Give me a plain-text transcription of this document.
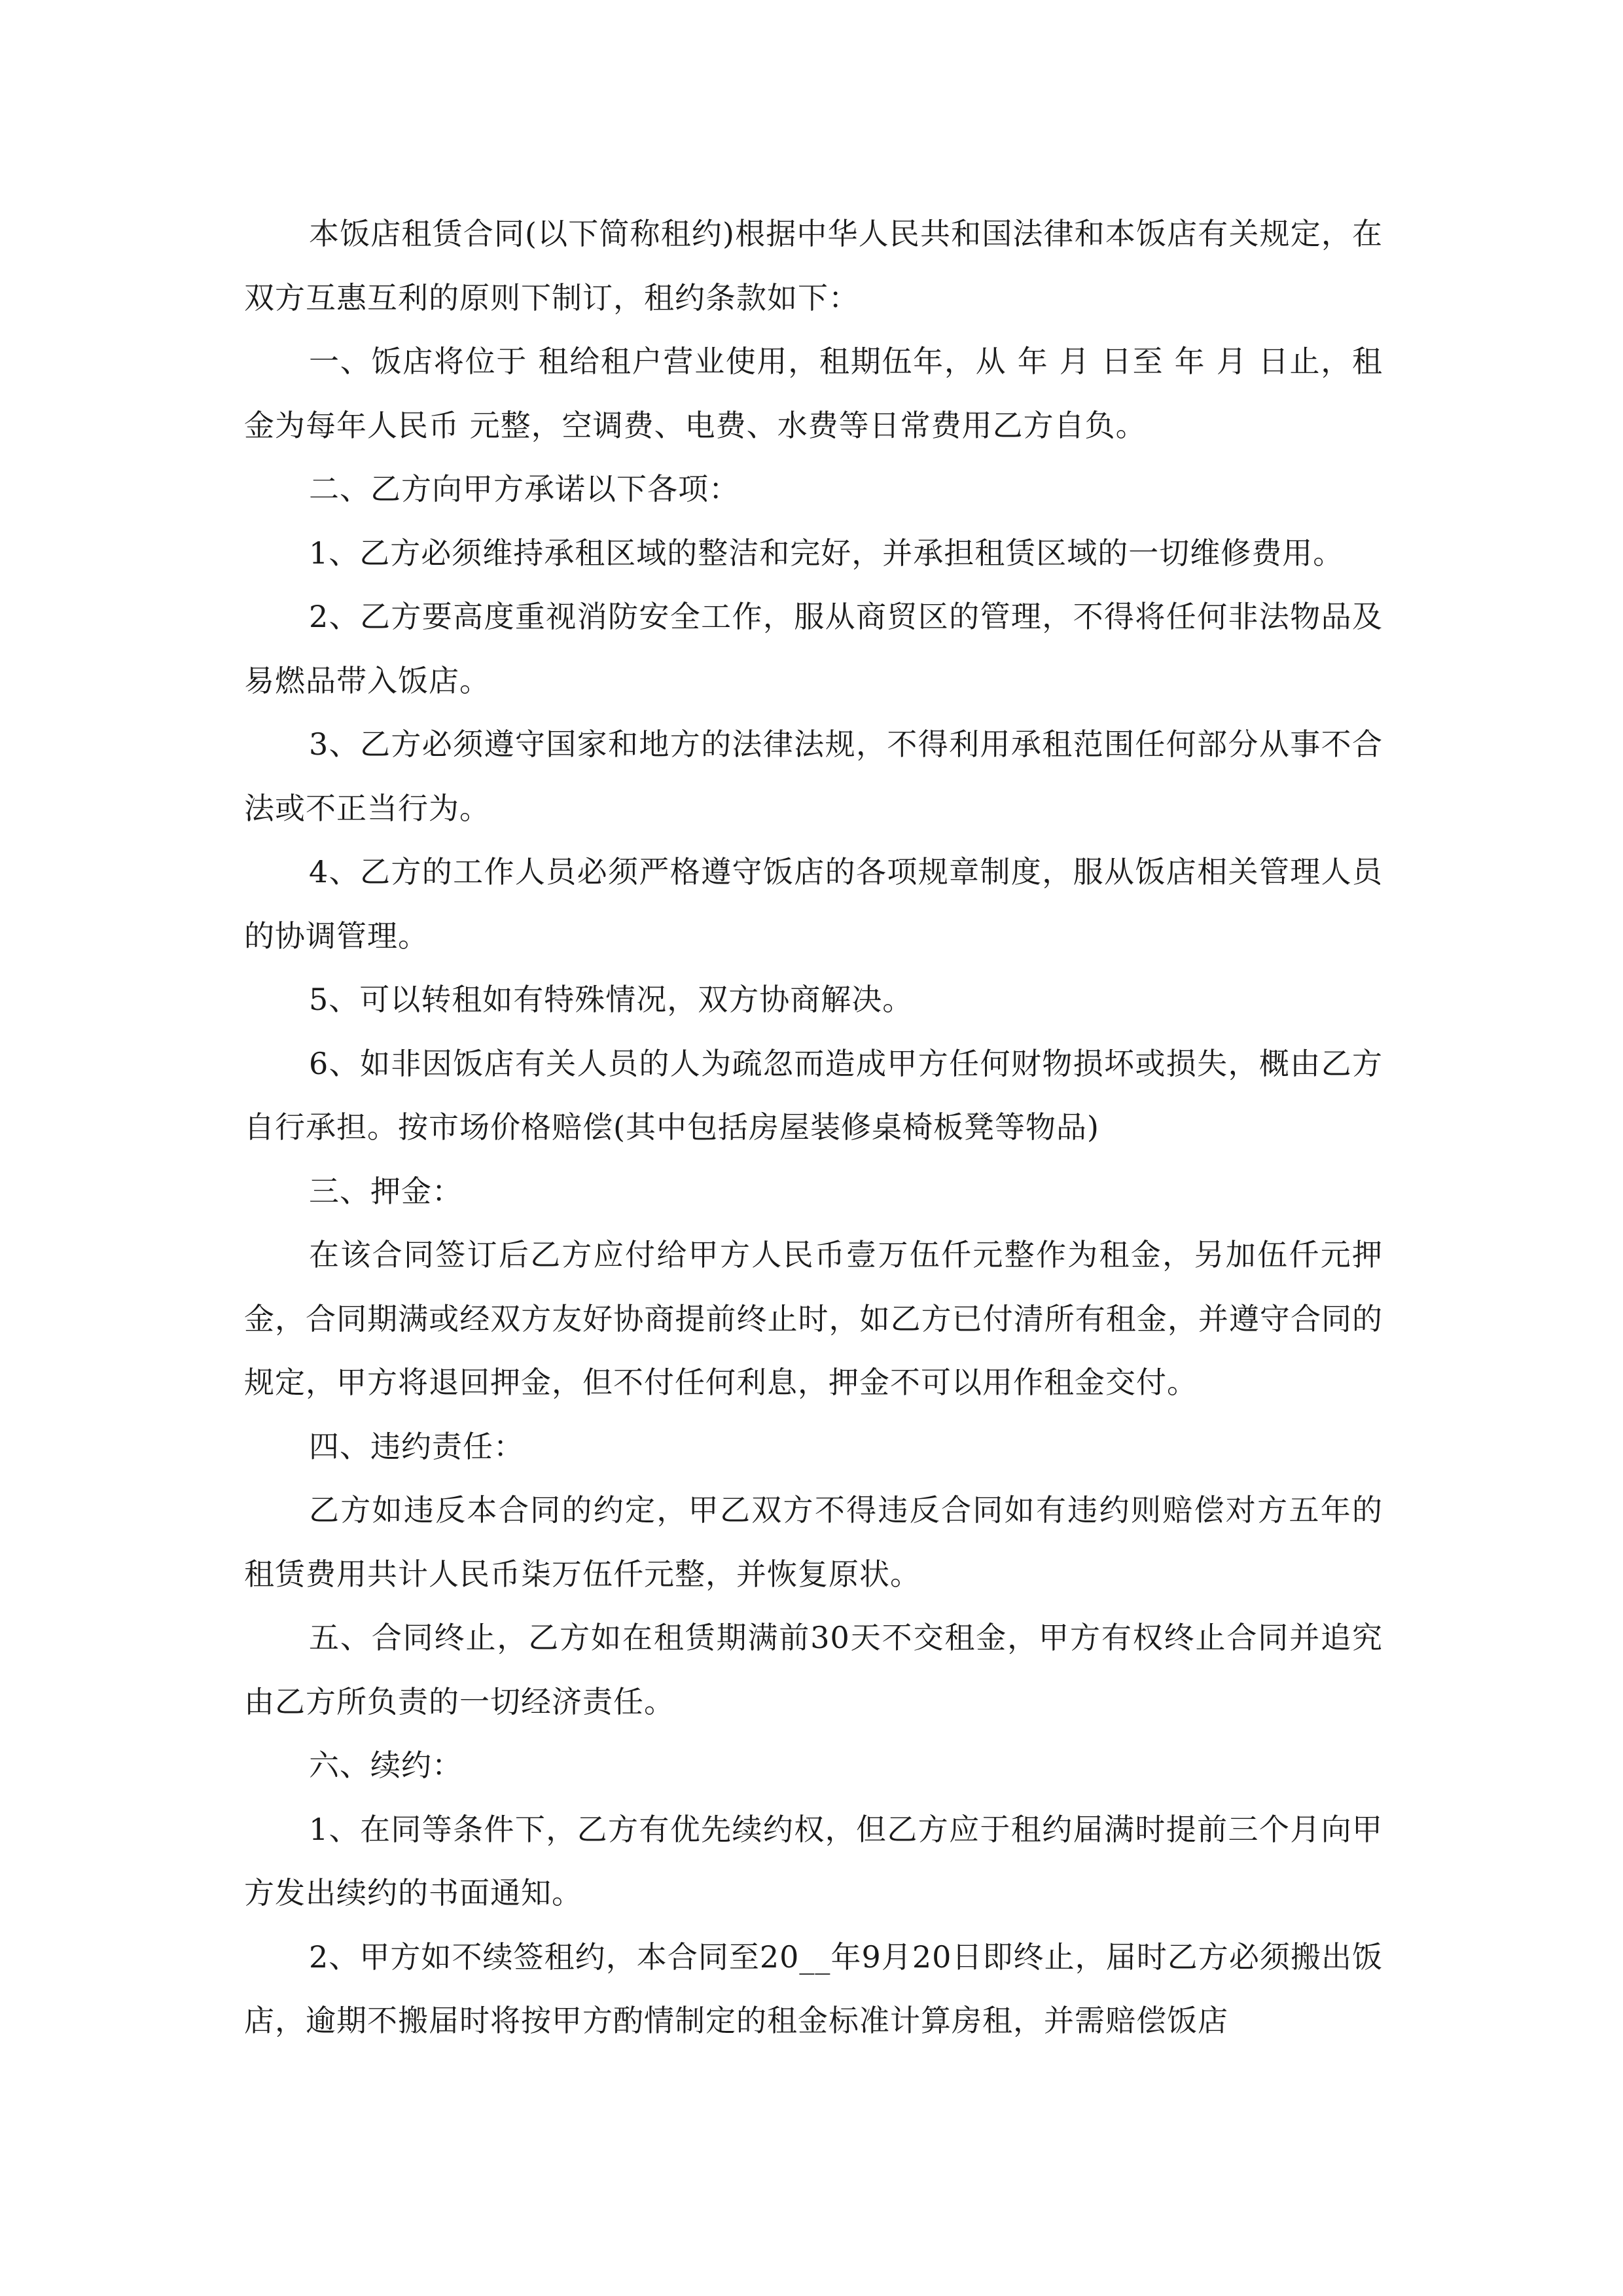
本饭店租赁合同(以下简称租约)根据中华人民共和国法律和本饭店有关规定，在双方互惠互利的原则下制订，租约条款如下：

一、饭店将位于 租给租户营业使用，租期伍年，从 年 月 日至 年 月 日止，租金为每年人民币 元整，空调费、电费、水费等日常费用乙方自负。

二、乙方向甲方承诺以下各项：

1、乙方必须维持承租区域的整洁和完好，并承担租赁区域的一切维修费用。

2、乙方要高度重视消防安全工作，服从商贸区的管理，不得将任何非法物品及易燃品带入饭店。

3、乙方必须遵守国家和地方的法律法规，不得利用承租范围任何部分从事不合法或不正当行为。

4、乙方的工作人员必须严格遵守饭店的各项规章制度，服从饭店相关管理人员的协调管理。

5、可以转租如有特殊情况，双方协商解决。

6、如非因饭店有关人员的人为疏忽而造成甲方任何财物损坏或损失，概由乙方自行承担。按市场价格赔偿(其中包括房屋装修桌椅板凳等物品)

三、押金：

在该合同签订后乙方应付给甲方人民币壹万伍仟元整作为租金，另加伍仟元押金，合同期满或经双方友好协商提前终止时，如乙方已付清所有租金，并遵守合同的规定，甲方将退回押金，但不付任何利息，押金不可以用作租金交付。

四、违约责任：

乙方如违反本合同的约定，甲乙双方不得违反合同如有违约则赔偿对方五年的租赁费用共计人民币柒万伍仟元整，并恢复原状。

五、合同终止，乙方如在租赁期满前30天不交租金，甲方有权终止合同并追究由乙方所负责的一切经济责任。

六、续约：

1、在同等条件下，乙方有优先续约权，但乙方应于租约届满时提前三个月向甲方发出续约的书面通知。

2、甲方如不续签租约，本合同至20__年9月20日即终止，届时乙方必须搬出饭店，逾期不搬届时将按甲方酌情制定的租金标准计算房租，并需赔偿饭店
